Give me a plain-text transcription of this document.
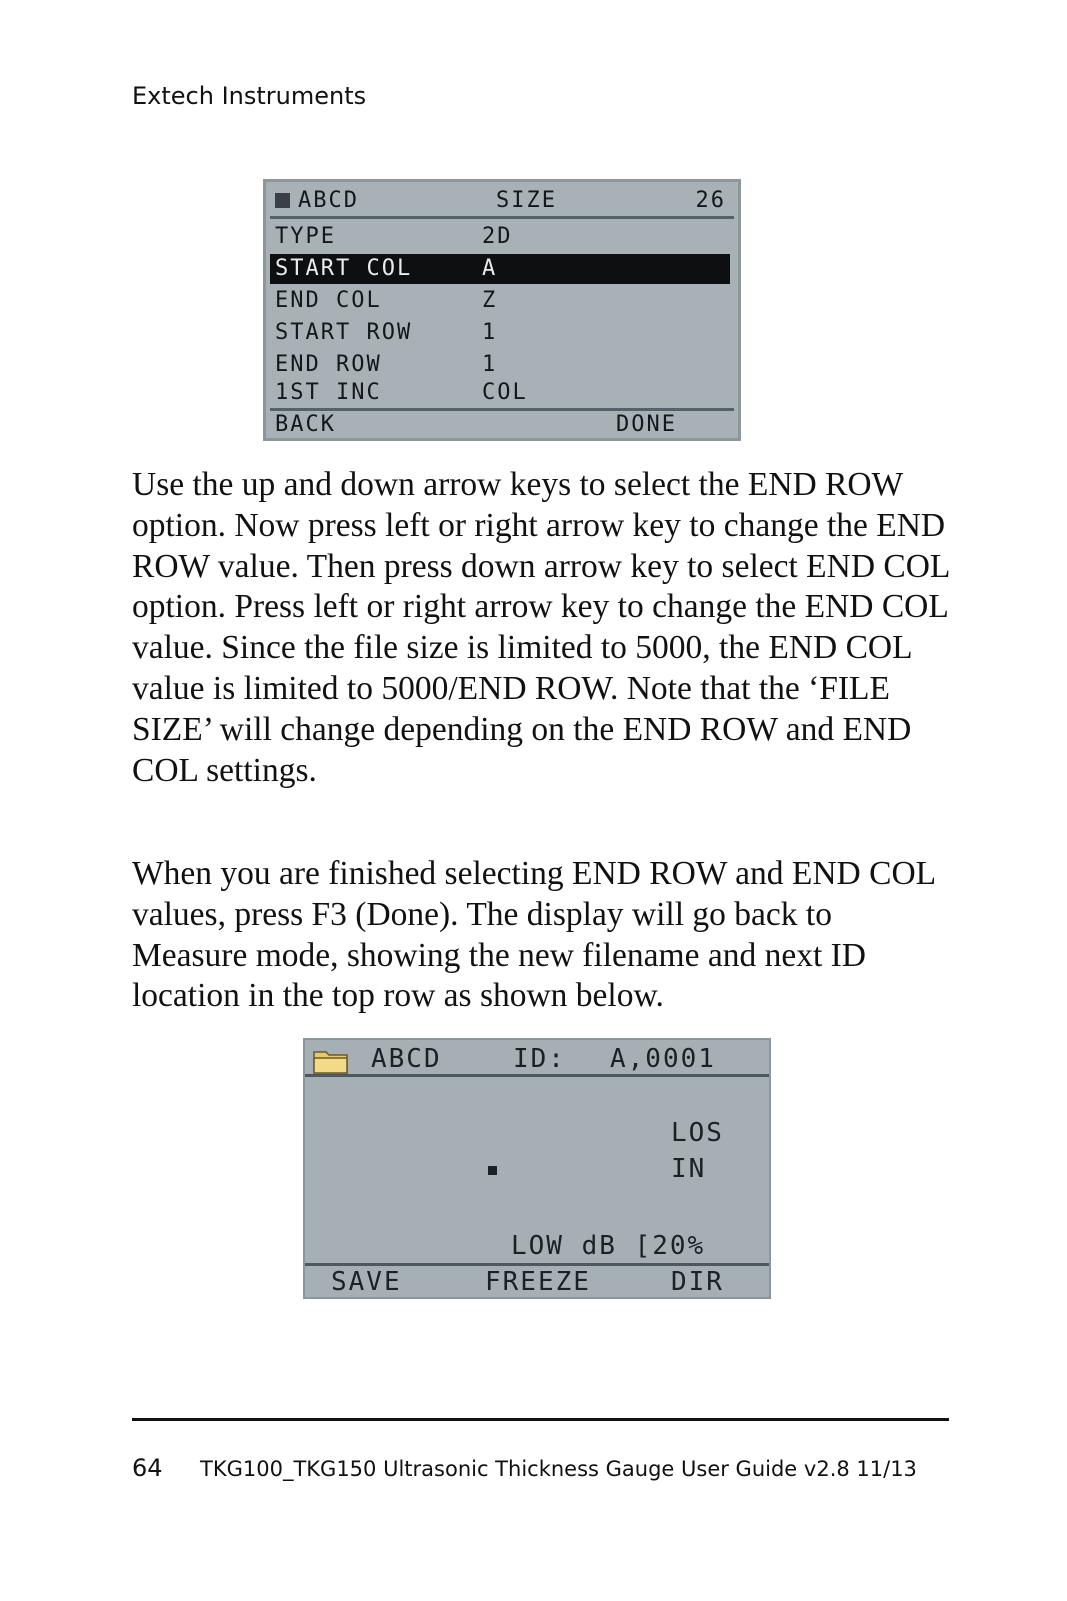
Extech Instruments
ABCD	SIZE	26
TYPE	2D
START COL	A
END COL	Z
START ROW	1
END ROW	1
1ST INC	COL
BACK	DONE

Use the up and down arrow keys to select the END ROW option. Now press left or right arrow key to change the END ROW value. Then press down arrow key to select END COL option. Press left or right arrow key to change the END COL value. Since the file size is limited to 5000, the END COL value is limited to 5000/END ROW. Note that the ‘FILE SIZE’ will change depending on the END ROW and END COL settings.

When you are finished selecting END ROW and END COL values, press F3 (Done). The display will go back to Measure mode, showing the new filename and next ID location in the top row as shown below.

ABCD	ID: A,0001
LOS
IN
LOW dB [20%
SAVE	FREEZE	DIR
64 TKG100_TKG150 Ultrasonic Thickness Gauge User Guide v2.8 11/13
